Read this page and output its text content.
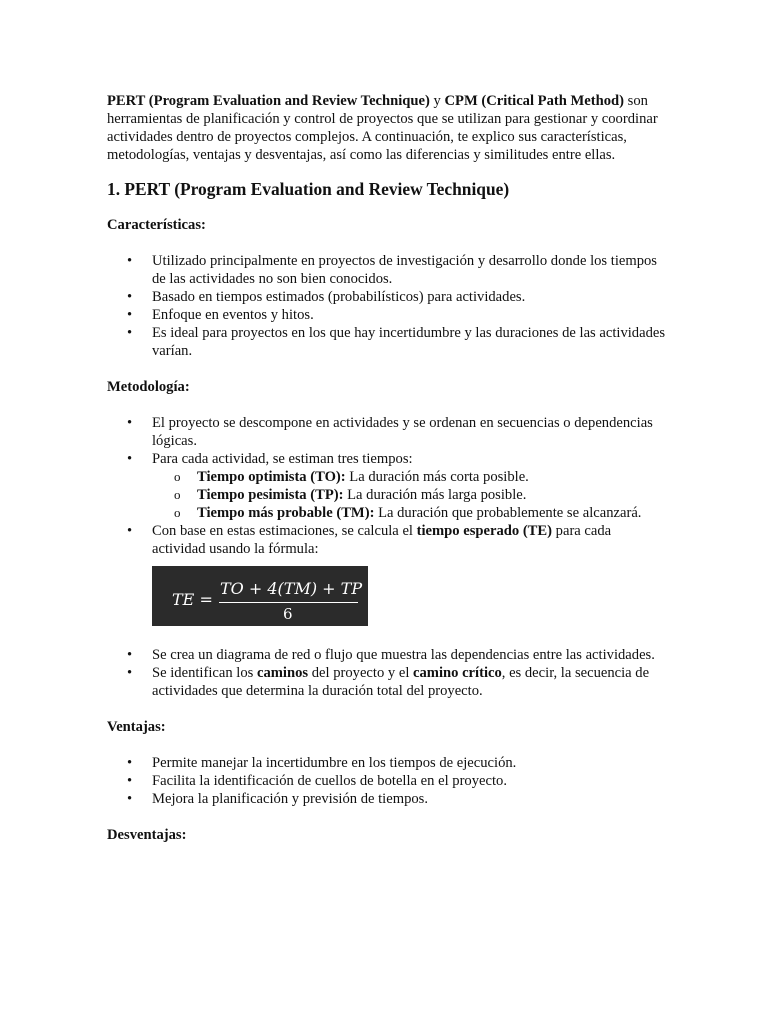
PERT (Program Evaluation and Review Technique) y CPM (Critical Path Method) son herramientas de planificación y control de proyectos que se utilizan para gestionar y coordinar actividades dentro de proyectos complejos. A continuación, te explico sus características, metodologías, ventajas y desventajas, así como las diferencias y similitudes entre ellas.

1. PERT (Program Evaluation and Review Technique)
Características:
• Utilizado principalmente en proyectos de investigación y desarrollo donde los tiempos de las actividades no son bien conocidos.
• Basado en tiempos estimados (probabilísticos) para actividades.
• Enfoque en eventos y hitos.
• Es ideal para proyectos en los que hay incertidumbre y las duraciones de las actividades varían.
Metodología:
• El proyecto se descompone en actividades y se ordenan en secuencias o dependencias lógicas.
• Para cada actividad, se estiman tres tiempos:
o Tiempo optimista (TO): La duración más corta posible.
o Tiempo pesimista (TP): La duración más larga posible.
o Tiempo más probable (TM): La duración que probablemente se alcanzará.
• Con base en estas estimaciones, se calcula el tiempo esperado (TE) para cada actividad usando la fórmula:
TE =
TO + 4(TM) + TP
6
• Se crea un diagrama de red o flujo que muestra las dependencias entre las actividades.
• Se identifican los caminos del proyecto y el camino crítico, es decir, la secuencia de actividades que determina la duración total del proyecto.
Ventajas:
• Permite manejar la incertidumbre en los tiempos de ejecución.
• Facilita la identificación de cuellos de botella en el proyecto.
• Mejora la planificación y previsión de tiempos.
Desventajas:
